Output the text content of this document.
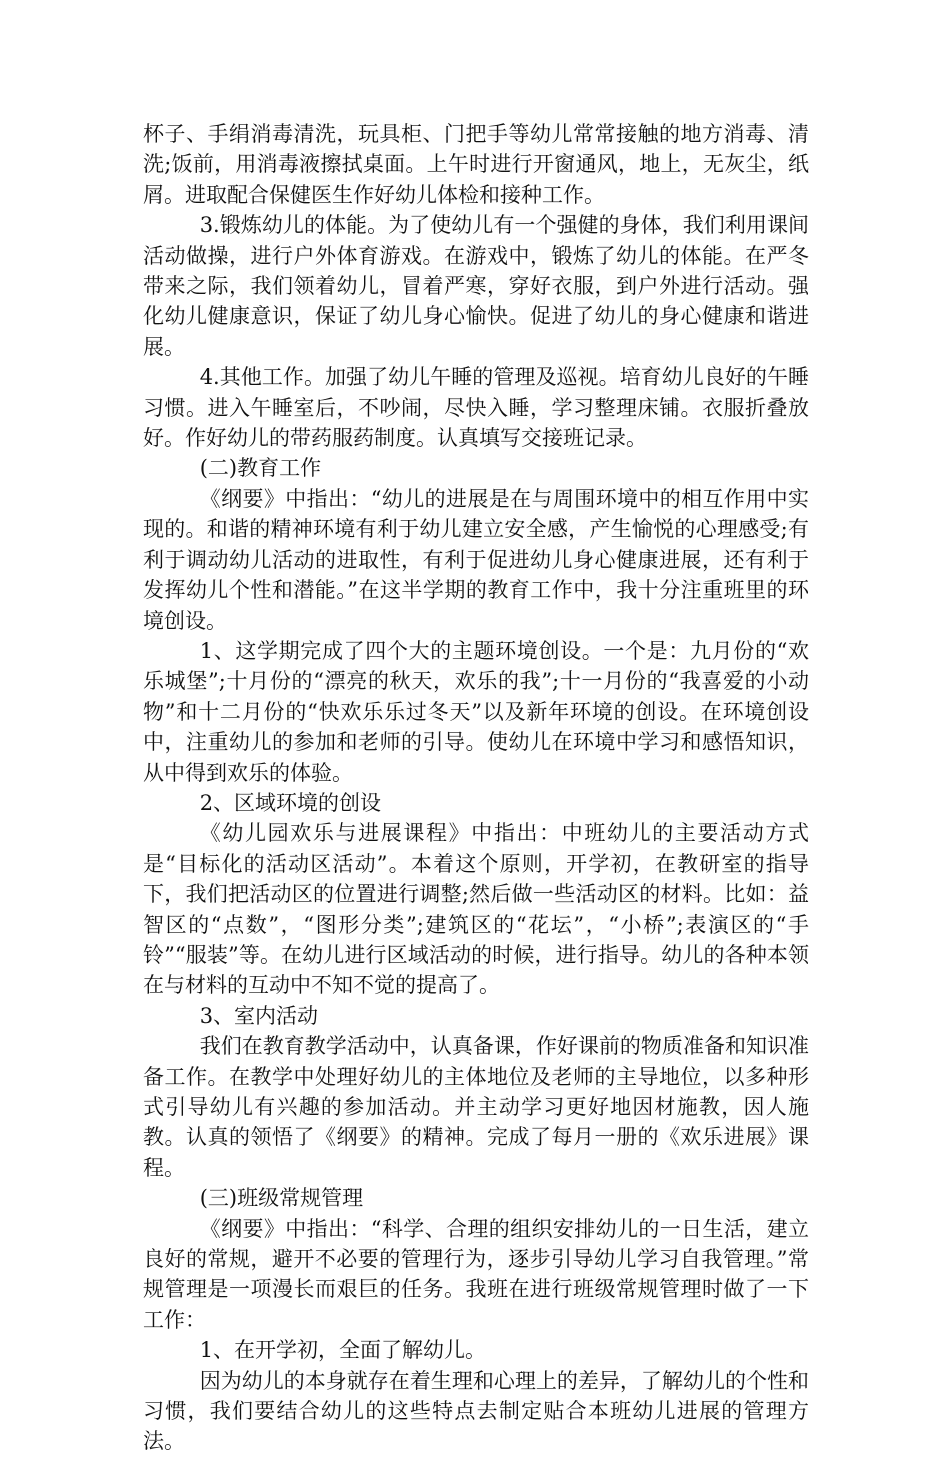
杯子、手绢消毒清洗，玩具柜、门把手等幼儿常常接触的地方消毒、清洗;饭前，用消毒液擦拭桌面。上午时进行开窗通风，地上，无灰尘，纸屑。进取配合保健医生作好幼儿体检和接种工作。

3.锻炼幼儿的体能。为了使幼儿有一个强健的身体，我们利用课间活动做操，进行户外体育游戏。在游戏中，锻炼了幼儿的体能。在严冬带来之际，我们领着幼儿，冒着严寒，穿好衣服，到户外进行活动。强化幼儿健康意识，保证了幼儿身心愉快。促进了幼儿的身心健康和谐进展。

4.其他工作。加强了幼儿午睡的管理及巡视。培育幼儿良好的午睡习惯。进入午睡室后，不吵闹，尽快入睡，学习整理床铺。衣服折叠放好。作好幼儿的带药服药制度。认真填写交接班记录。

(二)教育工作

《纲要》中指出：“幼儿的进展是在与周围环境中的相互作用中实现的。和谐的精神环境有利于幼儿建立安全感，产生愉悦的心理感受;有利于调动幼儿活动的进取性，有利于促进幼儿身心健康进展，还有利于发挥幼儿个性和潜能。”在这半学期的教育工作中，我十分注重班里的环境创设。

1、这学期完成了四个大的主题环境创设。一个是：九月份的“欢乐城堡”;十月份的“漂亮的秋天，欢乐的我”;十一月份的“我喜爱的小动物”和十二月份的“快欢乐乐过冬天”以及新年环境的创设。在环境创设中，注重幼儿的参加和老师的引导。使幼儿在环境中学习和感悟知识，从中得到欢乐的体验。

2、区域环境的创设

《幼儿园欢乐与进展课程》中指出：中班幼儿的主要活动方式是“目标化的活动区活动”。本着这个原则，开学初，在教研室的指导下，我们把活动区的位置进行调整;然后做一些活动区的材料。比如：益智区的“点数”，“图形分类”;建筑区的“花坛”，“小桥”;表演区的“手铃”“服装”等。在幼儿进行区域活动的时候，进行指导。幼儿的各种本领在与材料的互动中不知不觉的提高了。

3、室内活动

我们在教育教学活动中，认真备课，作好课前的物质准备和知识准备工作。在教学中处理好幼儿的主体地位及老师的主导地位，以多种形式引导幼儿有兴趣的参加活动。并主动学习更好地因材施教，因人施教。认真的领悟了《纲要》的精神。完成了每月一册的《欢乐进展》课程。

(三)班级常规管理

《纲要》中指出：“科学、合理的组织安排幼儿的一日生活，建立良好的常规，避开不必要的管理行为，逐步引导幼儿学习自我管理。”常规管理是一项漫长而艰巨的任务。我班在进行班级常规管理时做了一下工作：

1、在开学初，全面了解幼儿。

因为幼儿的本身就存在着生理和心理上的差异，了解幼儿的个性和习惯，我们要结合幼儿的这些特点去制定贴合本班幼儿进展的管理方法。
